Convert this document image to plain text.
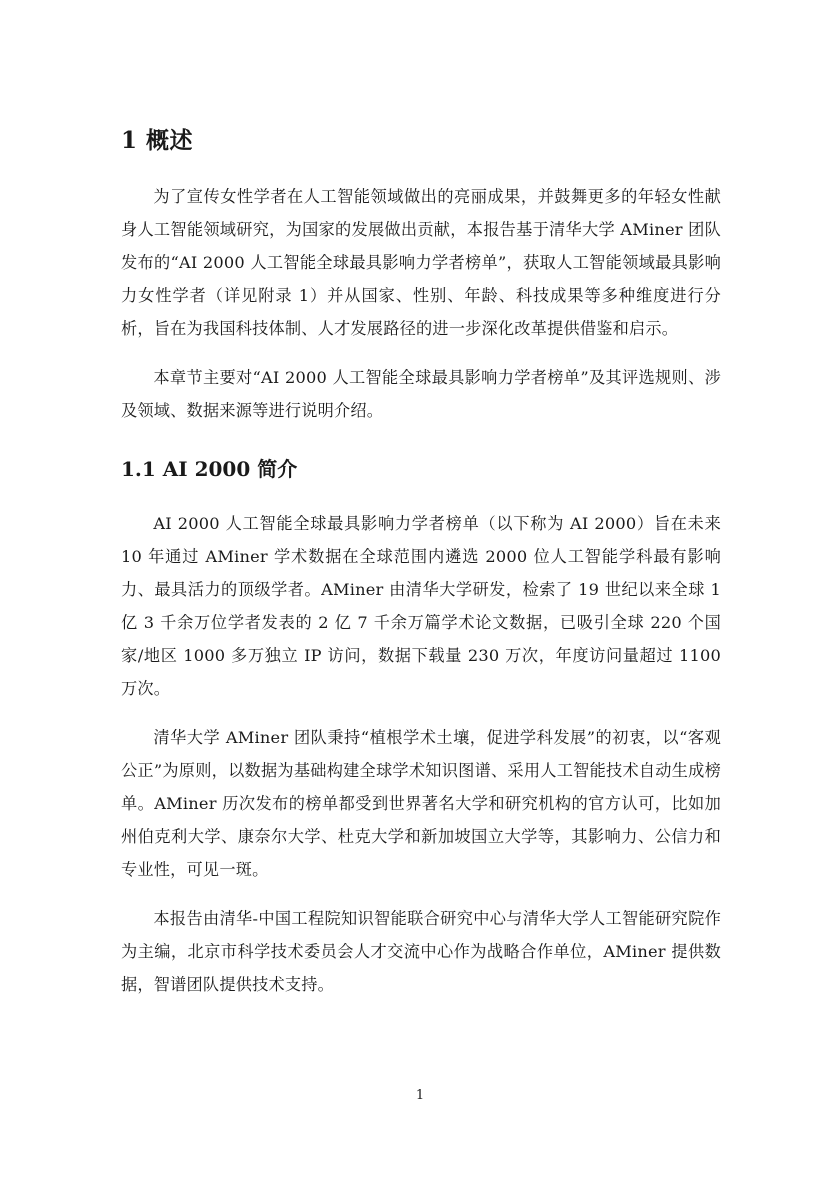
1 概述

为了宣传女性学者在人工智能领域做出的亮丽成果，并鼓舞更多的年轻女性献身人工智能领域研究，为国家的发展做出贡献，本报告基于清华大学 AMiner 团队发布的“AI 2000 人工智能全球最具影响力学者榜单”，获取人工智能领域最具影响力女性学者（详见附录 1）并从国家、性别、年龄、科技成果等多种维度进行分析，旨在为我国科技体制、人才发展路径的进一步深化改革提供借鉴和启示。

本章节主要对“AI 2000 人工智能全球最具影响力学者榜单”及其评选规则、涉及领域、数据来源等进行说明介绍。

1.1 AI 2000 简介

AI 2000 人工智能全球最具影响力学者榜单（以下称为 AI 2000）旨在未来 10 年通过 AMiner 学术数据在全球范围内遴选 2000 位人工智能学科最有影响力、最具活力的顶级学者。AMiner 由清华大学研发，检索了 19 世纪以来全球 1 亿 3 千余万位学者发表的 2 亿 7 千余万篇学术论文数据，已吸引全球 220 个国家/地区 1000 多万独立 IP 访问，数据下载量 230 万次，年度访问量超过 1100 万次。

清华大学 AMiner 团队秉持“植根学术土壤，促进学科发展”的初衷，以“客观公正”为原则，以数据为基础构建全球学术知识图谱、采用人工智能技术自动生成榜单。AMiner 历次发布的榜单都受到世界著名大学和研究机构的官方认可，比如加州伯克利大学、康奈尔大学、杜克大学和新加坡国立大学等，其影响力、公信力和专业性，可见一斑。

本报告由清华-中国工程院知识智能联合研究中心与清华大学人工智能研究院作为主编，北京市科学技术委员会人才交流中心作为战略合作单位，AMiner 提供数据，智谱团队提供技术支持。

1
